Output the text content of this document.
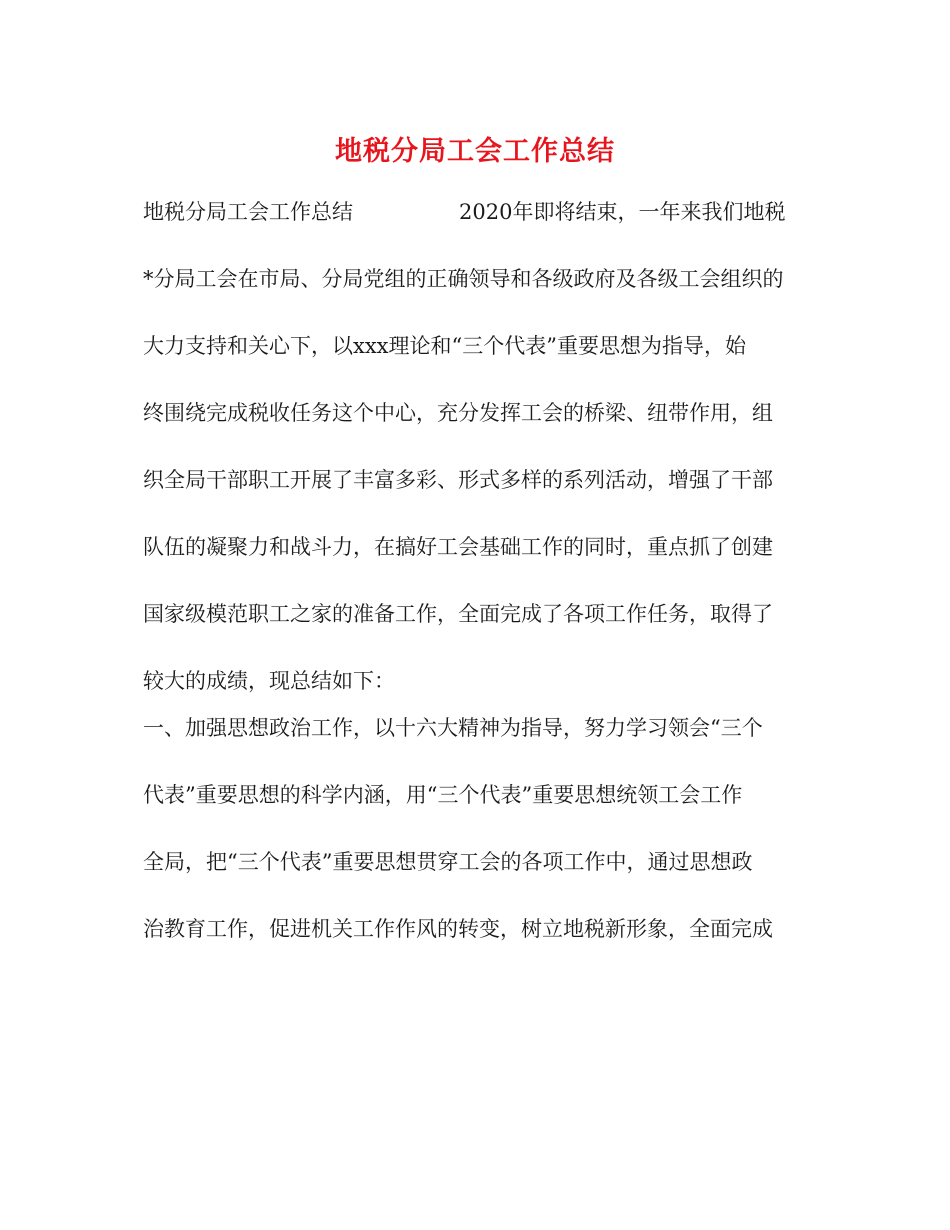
地税分局工会工作总结
地税分局工会工作总结	2020年即将结束，一年来我们地税
*分局工会在市局、分局党组的正确领导和各级政府及各级工会组织的
大力支持和关心下，以xxx理论和“三个代表”重要思想为指导，始
终围绕完成税收任务这个中心，充分发挥工会的桥梁、纽带作用，组
织全局干部职工开展了丰富多彩、形式多样的系列活动，增强了干部
队伍的凝聚力和战斗力，在搞好工会基础工作的同时，重点抓了创建
国家级模范职工之家的准备工作，全面完成了各项工作任务，取得了
较大的成绩，现总结如下：
一、加强思想政治工作，以十六大精神为指导，努力学习领会“三个
代表”重要思想的科学内涵，用“三个代表”重要思想统领工会工作
全局，把“三个代表”重要思想贯穿工会的各项工作中，通过思想政
治教育工作，促进机关工作作风的转变，树立地税新形象，全面完成
